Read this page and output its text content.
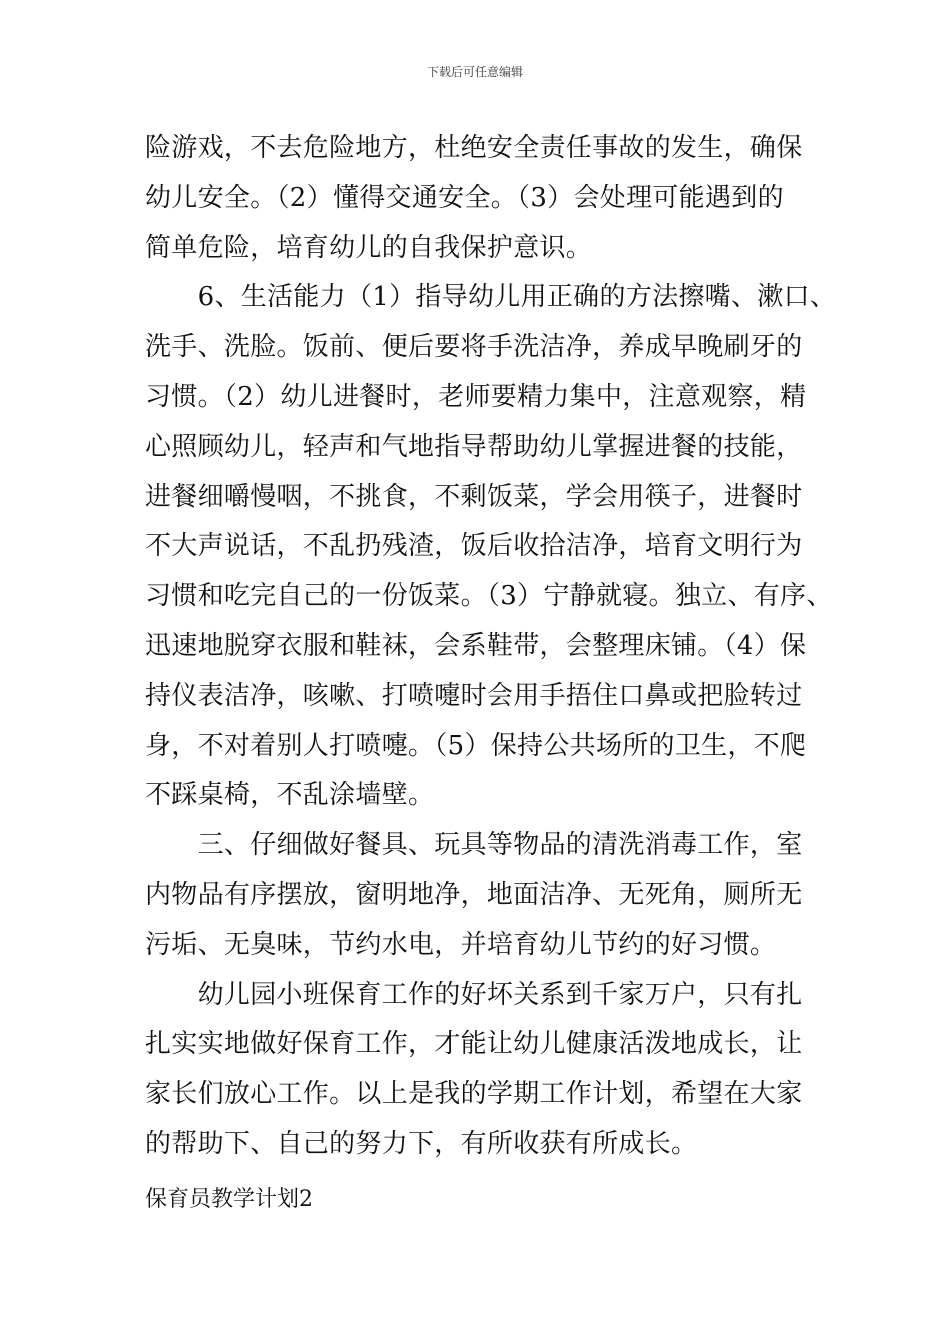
下载后可任意编辑
险游戏，不去危险地方，杜绝安全责任事故的发生，确保
幼儿安全。（2）懂得交通安全。（3）会处理可能遇到的
简单危险，培育幼儿的自我保护意识。
　　6、生活能力（1）指导幼儿用正确的方法擦嘴、漱口、
洗手、洗脸。饭前、便后要将手洗洁净，养成早晚刷牙的
习惯。（2）幼儿进餐时，老师要精力集中，注意观察，精
心照顾幼儿，轻声和气地指导帮助幼儿掌握进餐的技能，
进餐细嚼慢咽，不挑食，不剩饭菜，学会用筷子，进餐时
不大声说话，不乱扔残渣，饭后收拾洁净，培育文明行为
习惯和吃完自己的一份饭菜。（3）宁静就寝。独立、有序、
迅速地脱穿衣服和鞋袜，会系鞋带，会整理床铺。（4）保
持仪表洁净，咳嗽、打喷嚏时会用手捂住口鼻或把脸转过
身，不对着别人打喷嚏。（5）保持公共场所的卫生，不爬
不踩桌椅，不乱涂墙壁。
　　三、仔细做好餐具、玩具等物品的清洗消毒工作，室
内物品有序摆放，窗明地净，地面洁净、无死角，厕所无
污垢、无臭味，节约水电，并培育幼儿节约的好习惯。
　　幼儿园小班保育工作的好坏关系到千家万户，只有扎
扎实实地做好保育工作，才能让幼儿健康活泼地成长，让
家长们放心工作。以上是我的学期工作计划，希望在大家
的帮助下、自己的努力下，有所收获有所成长。
保育员教学计划2
